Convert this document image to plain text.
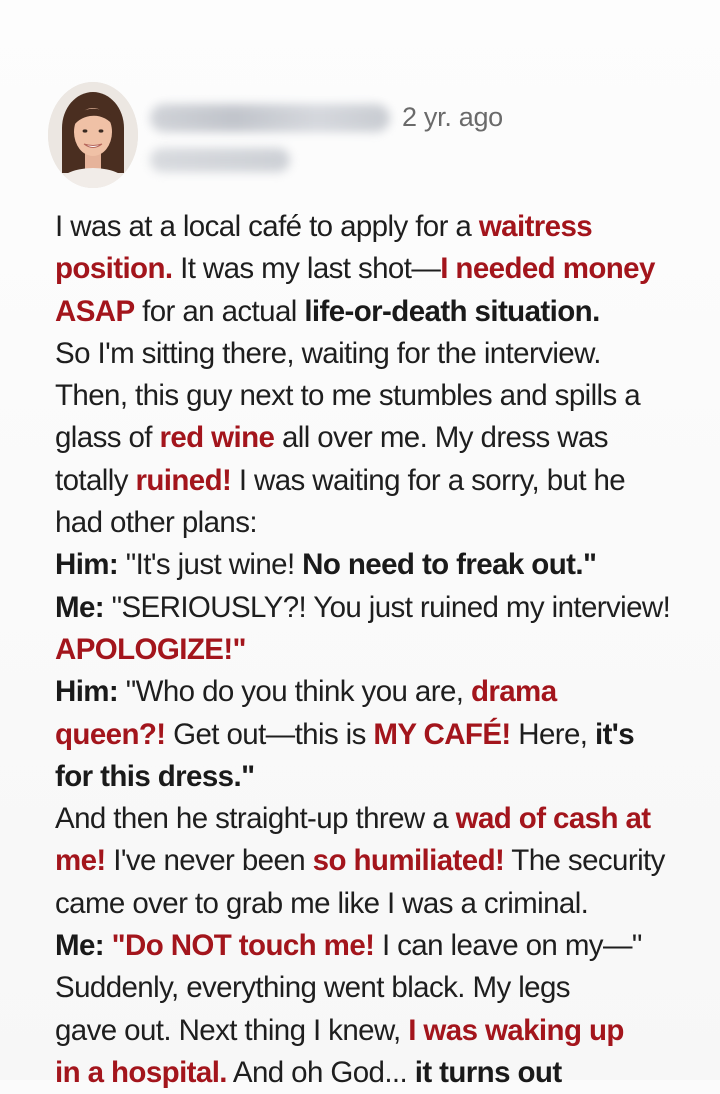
2 yr. ago
I was at a local café to apply for a waitress
position. It was my last shot—I needed money
ASAP for an actual life-or-death situation.
So I'm sitting there, waiting for the interview.
Then, this guy next to me stumbles and spills a
glass of red wine all over me. My dress was
totally ruined! I was waiting for a sorry, but he
had other plans:
Him: "It's just wine! No need to freak out."
Me: "SERIOUSLY?! You just ruined my interview!
APOLOGIZE!"
Him: "Who do you think you are, drama
queen?! Get out—this is MY CAFÉ! Here, it's
for this dress."
And then he straight-up threw a wad of cash at
me! I've never been so humiliated! The security
came over to grab me like I was a criminal.
Me: "Do NOT touch me! I can leave on my—"
Suddenly, everything went black. My legs
gave out. Next thing I knew, I was waking up
in a hospital. And oh God... it turns out
